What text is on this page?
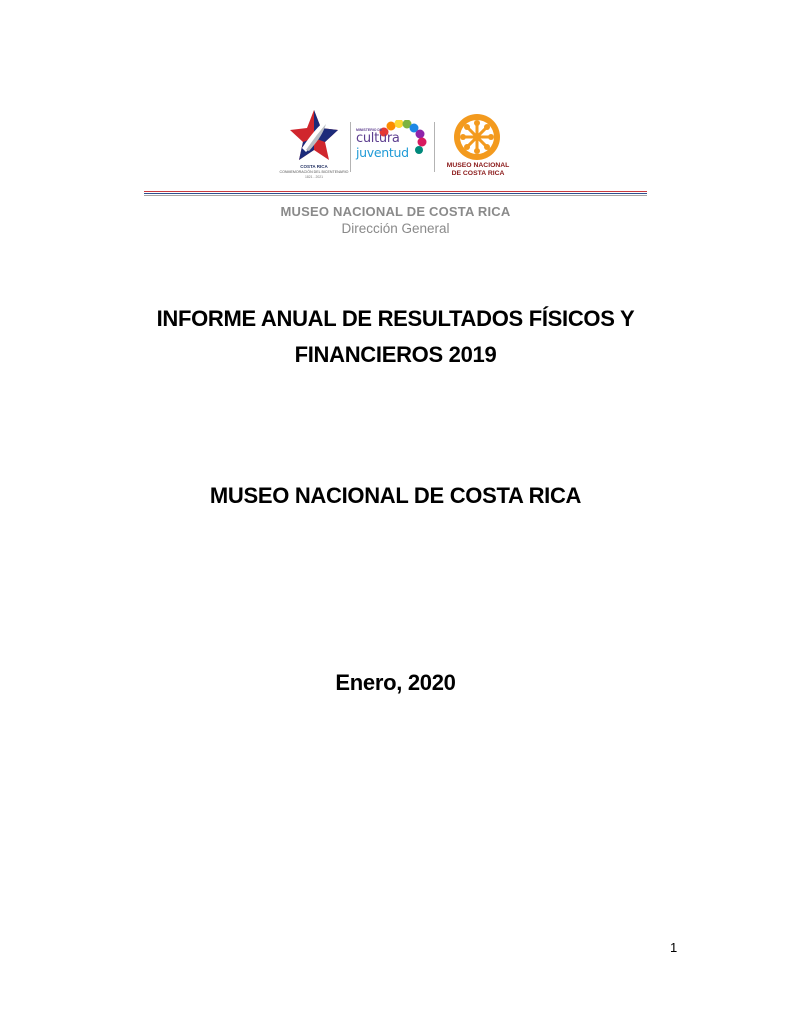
COSTA RICA
CONMEMORACIÓN DEL BICENTENARIO
1821 - 2021
MINISTERIO DE
cultura
juventud
MUSEO NACIONAL
DE COSTA RICA
MUSEO NACIONAL DE COSTA RICA
Dirección General
INFORME ANUAL DE RESULTADOS FÍSICOS Y
FINANCIEROS 2019
MUSEO NACIONAL DE COSTA RICA
Enero, 2020
1
